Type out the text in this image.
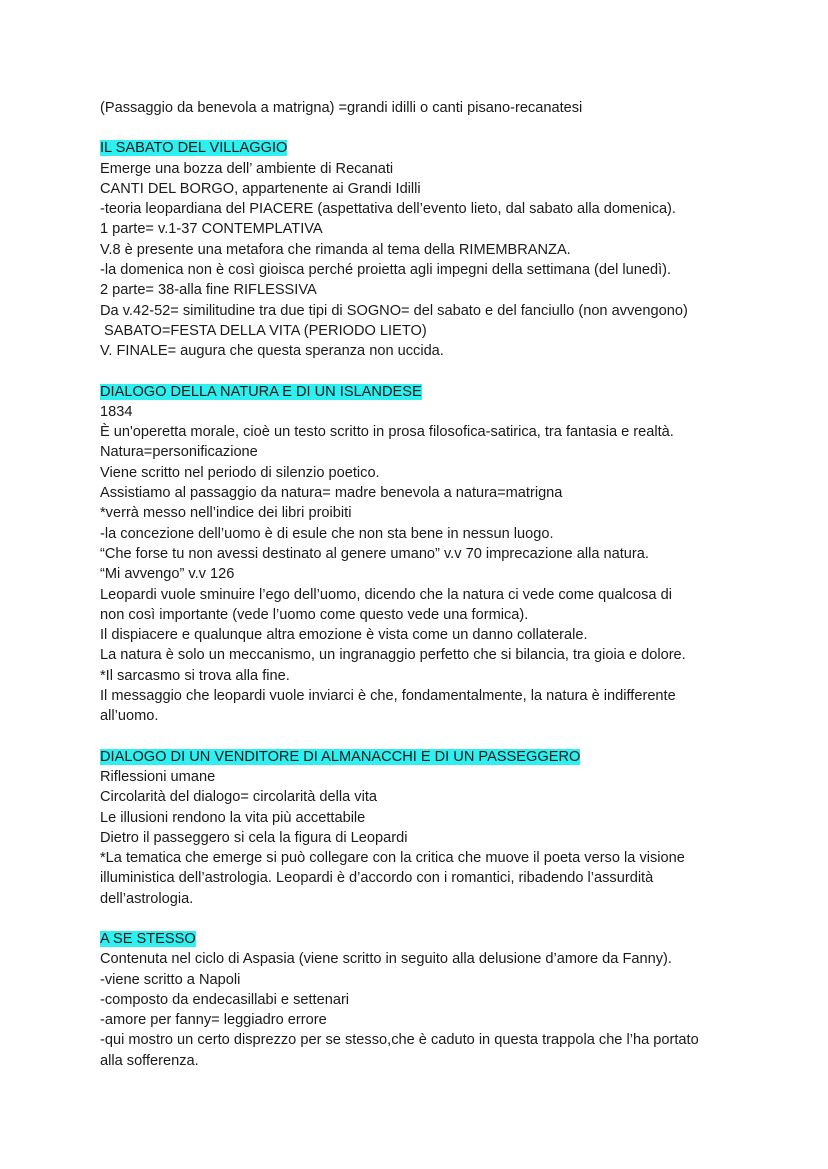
(Passaggio da benevola a matrigna) =grandi idilli o canti pisano-recanatesi
IL SABATO DEL VILLAGGIO
Emerge una bozza dell’ ambiente di Recanati
CANTI DEL BORGO, appartenente ai Grandi Idilli
-teoria leopardiana del PIACERE (aspettativa dell’evento lieto, dal sabato alla domenica).
1 parte= v.1-37 CONTEMPLATIVA
V.8 è presente una metafora che rimanda al tema della RIMEMBRANZA.
-la domenica non è così gioisca perché proietta agli impegni della settimana (del lunedì).
2 parte= 38-alla fine RIFLESSIVA
Da v.42-52= similitudine tra due tipi di SOGNO= del sabato e del fanciullo (non avvengono)
SABATO=FESTA DELLA VITA (PERIODO LIETO)
V. FINALE= augura che questa speranza non uccida.
DIALOGO DELLA NATURA E DI UN ISLANDESE
1834
È un'operetta morale, cioè un testo scritto in prosa filosofica-satirica, tra fantasia e realtà.
Natura=personificazione
Viene scritto nel periodo di silenzio poetico.
Assistiamo al passaggio da natura= madre benevola a natura=matrigna
*verrà messo nell’indice dei libri proibiti
-la concezione dell’uomo è di esule che non sta bene in nessun luogo.
“Che forse tu non avessi destinato al genere umano” v.v 70 imprecazione alla natura.
“Mi avvengo” v.v 126
Leopardi vuole sminuire l’ego dell’uomo, dicendo che la natura ci vede come qualcosa di
non così importante (vede l’uomo come questo vede una formica).
Il dispiacere e qualunque altra emozione è vista come un danno collaterale.
La natura è solo un meccanismo, un ingranaggio perfetto che si bilancia, tra gioia e dolore.
*Il sarcasmo si trova alla fine.
Il messaggio che leopardi vuole inviarci è che, fondamentalmente, la natura è indifferente
all’uomo.
DIALOGO DI UN VENDITORE DI ALMANACCHI E DI UN PASSEGGERO
Riflessioni umane
Circolarità del dialogo= circolarità della vita
Le illusioni rendono la vita più accettabile
Dietro il passeggero si cela la figura di Leopardi
*La tematica che emerge si può collegare con la critica che muove il poeta verso la visione
illuministica dell’astrologia. Leopardi è d’accordo con i romantici, ribadendo l’assurdità
dell’astrologia.
A SE STESSO
Contenuta nel ciclo di Aspasia (viene scritto in seguito alla delusione d’amore da Fanny).
-viene scritto a Napoli
-composto da endecasillabi e settenari
-amore per fanny= leggiadro errore
-qui mostro un certo disprezzo per se stesso,che è caduto in questa trappola che l’ha portato
alla sofferenza.
